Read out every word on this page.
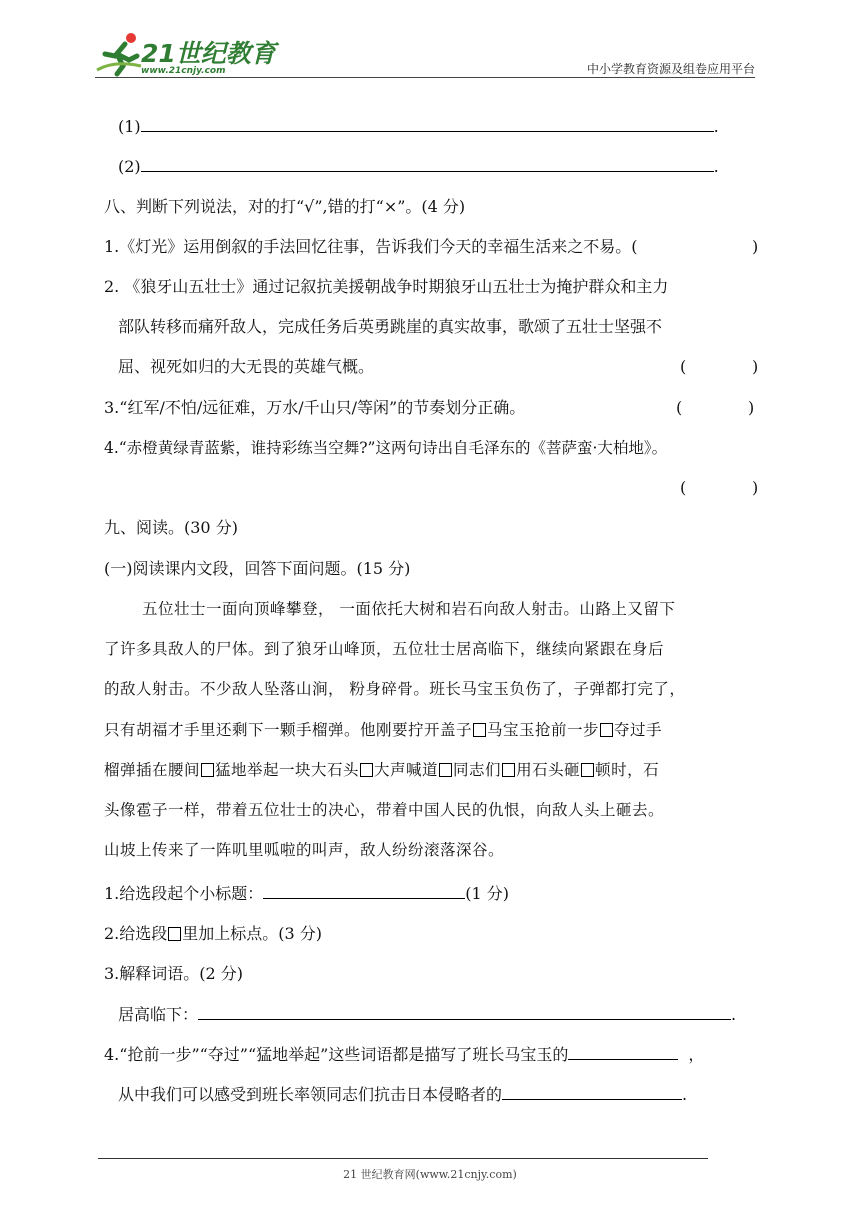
21世纪教育
www.21cnjy.com	中小学教育资源及组卷应用平台
(1)	.
(2)	.
八、判断下列说法，对的打“√”,错的打“×”。(4 分)
1.《灯光》运用倒叙的手法回忆往事，告诉我们今天的幸福生活来之不易。(	)
2. 《狼牙山五壮士》通过记叙抗美援朝战争时期狼牙山五壮士为掩护群众和主力
部队转移而痛歼敌人，完成任务后英勇跳崖的真实故事，歌颂了五壮士坚强不
屈、视死如归的大无畏的英雄气概。	(	)
3.“红军/不怕/远征难，万水/千山只/等闲”的节奏划分正确。	(	)
4.“赤橙黄绿青蓝紫，谁持彩练当空舞?”这两句诗出自毛泽东的《菩萨蛮·大柏地》。
(	)
九、阅读。(30 分)
(一)阅读课内文段，回答下面问题。(15 分)
五位壮士一面向顶峰攀登， 一面依托大树和岩石向敌人射击。山路上又留下
了许多具敌人的尸体。到了狼牙山峰顶，五位壮士居高临下，继续向紧跟在身后
的敌人射击。不少敌人坠落山涧， 粉身碎骨。班长马宝玉负伤了，子弹都打完了，
只有胡福才手里还剩下一颗手榴弹。他刚要拧开盖子 马宝玉抢前一步 夺过手
榴弹插在腰间 猛地举起一块大石头 大声喊道 同志们 用石头砸 顿时，石
头像雹子一样，带着五位壮士的决心，带着中国人民的仇恨，向敌人头上砸去。
山坡上传来了一阵叽里呱啦的叫声，敌人纷纷滚落深谷。
1.给选段起个小标题：	(1 分)
2.给选段 里加上标点。(3 分)
3.解释词语。(2 分)
居高临下：	.
4.“抢前一步”“夺过”“猛地举起”这些词语都是描写了班长马宝玉的	，
从中我们可以感受到班长率领同志们抗击日本侵略者的	.
21 世纪教育网(www.21cnjy.com)
